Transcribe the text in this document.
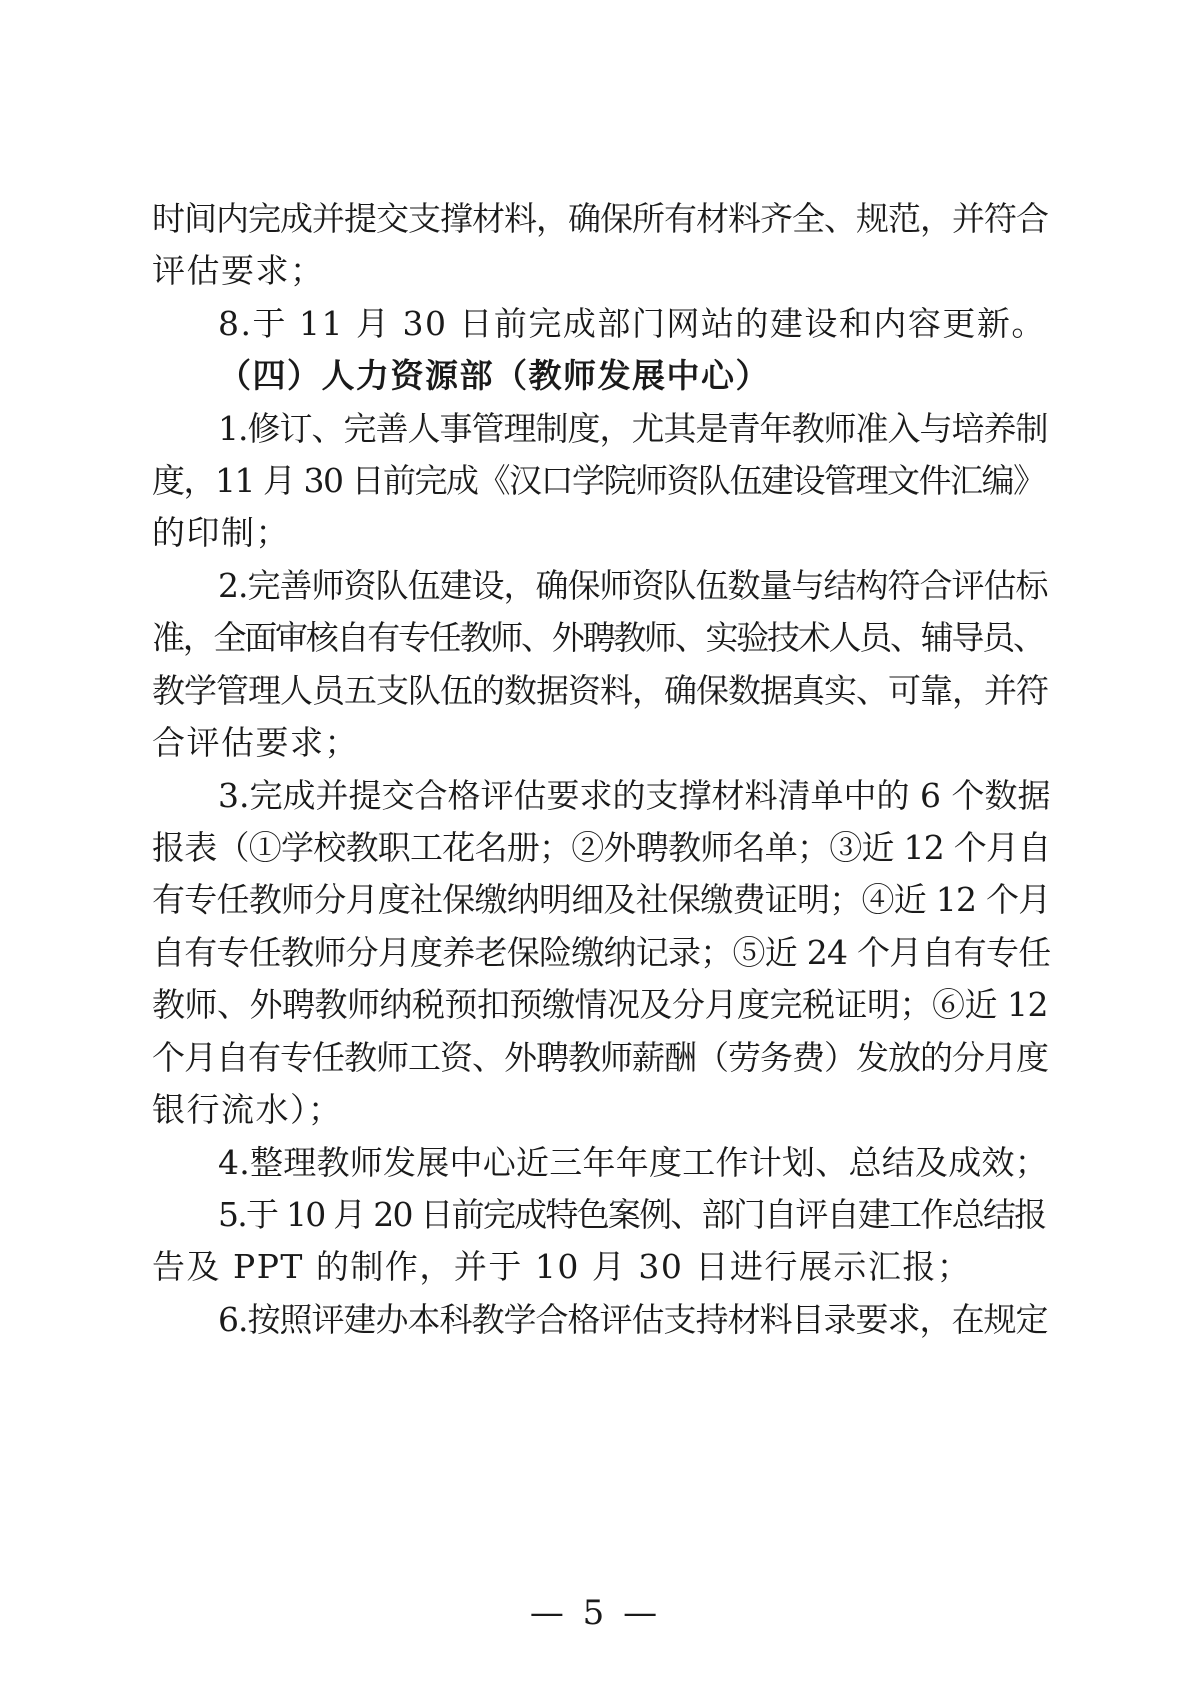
时间内完成并提交支撑材料，确保所有材料齐全、规范，并符合
评估要求；
8.于 11 月 30 日前完成部门网站的建设和内容更新。
（四）人力资源部（教师发展中心）
1.修订、完善人事管理制度，尤其是青年教师准入与培养制
度，11 月 30 日前完成《汉口学院师资队伍建设管理文件汇编》
的印制；
2.完善师资队伍建设，确保师资队伍数量与结构符合评估标
准，全面审核自有专任教师、外聘教师、实验技术人员、辅导员、
教学管理人员五支队伍的数据资料，确保数据真实、可靠，并符
合评估要求；
3.完成并提交合格评估要求的支撑材料清单中的 6 个数据
报表（①学校教职工花名册；②外聘教师名单；③近 12 个月自
有专任教师分月度社保缴纳明细及社保缴费证明；④近 12 个月
自有专任教师分月度养老保险缴纳记录；⑤近 24 个月自有专任
教师、外聘教师纳税预扣预缴情况及分月度完税证明；⑥近 12
个月自有专任教师工资、外聘教师薪酬（劳务费）发放的分月度
银行流水）；
4.整理教师发展中心近三年年度工作计划、总结及成效；
5.于 10 月 20 日前完成特色案例、部门自评自建工作总结报
告及 PPT 的制作，并于 10 月 30 日进行展示汇报；
6.按照评建办本科教学合格评估支持材料目录要求，在规定
— 5 —
